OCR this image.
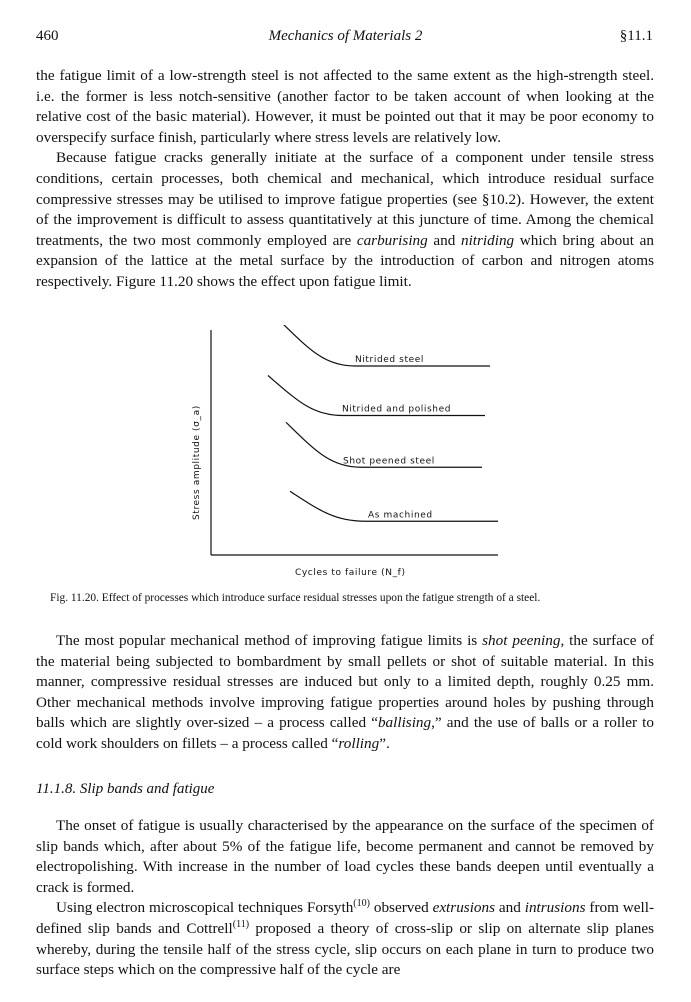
460	Mechanics of Materials 2	§11.1

the fatigue limit of a low-strength steel is not affected to the same extent as the high-strength steel. i.e. the former is less notch-sensitive (another factor to be taken account of when looking at the relative cost of the basic material). However, it must be pointed out that it may be poor economy to overspecify surface finish, particularly where stress levels are relatively low.

Because fatigue cracks generally initiate at the surface of a component under tensile stress conditions, certain processes, both chemical and mechanical, which introduce residual surface compressive stresses may be utilised to improve fatigue properties (see §10.2). However, the extent of the improvement is difficult to assess quantitatively at this juncture of time. Among the chemical treatments, the two most commonly employed are carburising and nitriding which bring about an expansion of the lattice at the metal surface by the introduction of carbon and nitrogen atoms respectively. Figure 11.20 shows the effect upon fatigue limit.

Nitrided steel
Nitrided and polished
Shot peened steel
As machined
Stress amplitude (σ_a)
Cycles to failure (N_f)
Fig. 11.20. Effect of processes which introduce surface residual stresses upon the fatigue strength of a steel.

The most popular mechanical method of improving fatigue limits is shot peening, the surface of the material being subjected to bombardment by small pellets or shot of suitable material. In this manner, compressive residual stresses are induced but only to a limited depth, roughly 0.25 mm. Other mechanical methods involve improving fatigue properties around holes by pushing through balls which are slightly over-sized – a process called “ballising,” and the use of balls or a roller to cold work shoulders on fillets – a process called “rolling”.

11.1.8. Slip bands and fatigue

The onset of fatigue is usually characterised by the appearance on the surface of the specimen of slip bands which, after about 5% of the fatigue life, become permanent and cannot be removed by electropolishing. With increase in the number of load cycles these bands deepen until eventually a crack is formed.

Using electron microscopical techniques Forsyth$^{(10)}$ observed extrusions and intrusions from well-defined slip bands and Cottrell$^{(11)}$ proposed a theory of cross-slip or slip on alternate slip planes whereby, during the tensile half of the stress cycle, slip occurs on each plane in turn to produce two surface steps which on the compressive half of the cycle are
